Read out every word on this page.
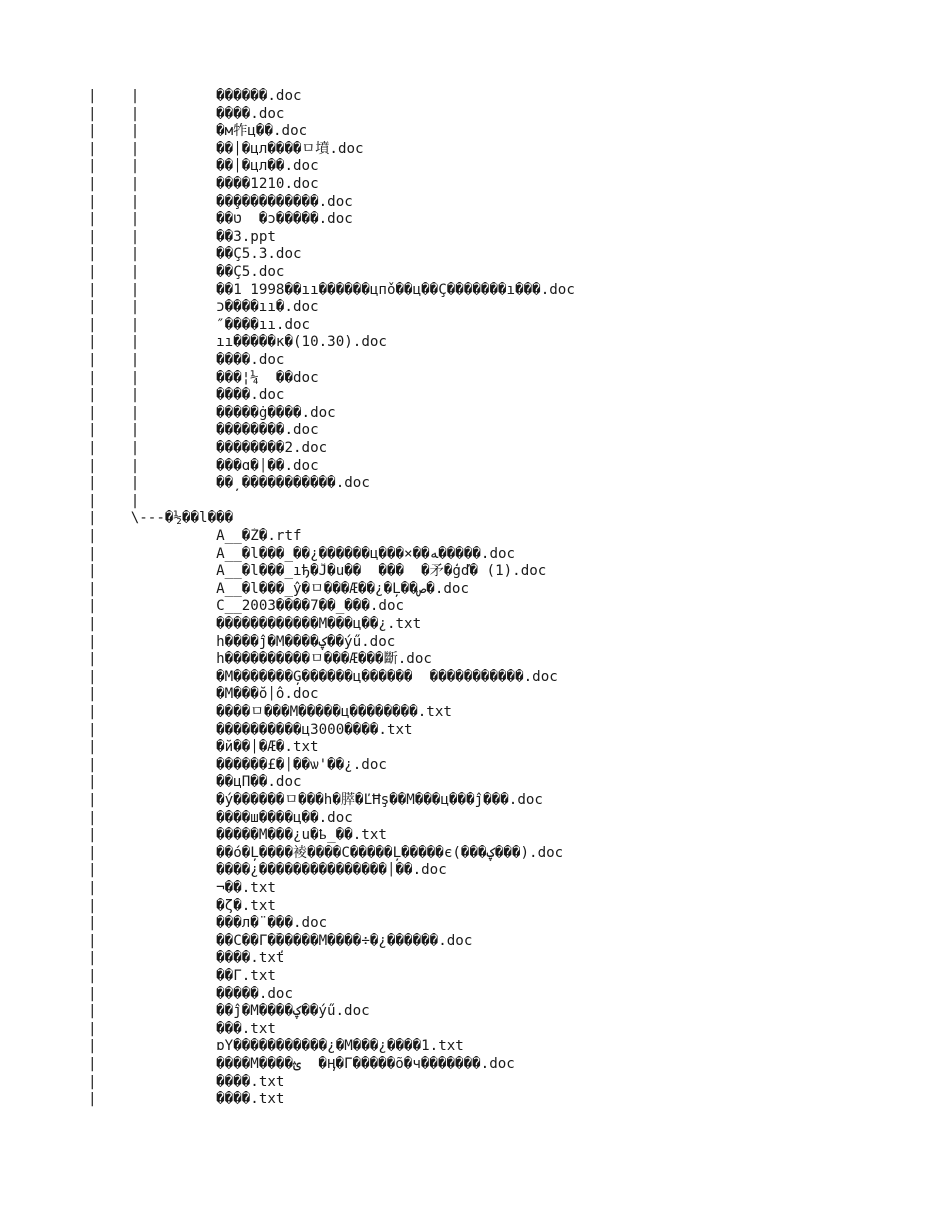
|    |         ������.doc
|    |         ����.doc
|    |         �м㸲ц��.doc
|    |         ��׀�цл����ㅁ墳.doc
|    |         ��׀�цл��.doc
|    |         ����1210.doc
|    |         ��̧����������.doc
|    |         ��ט  �ɔ�����.doc
|    |         ��3.ppt
|    |         ��Ç5.3.doc
|    |         ��Ç5.doc
|    |         ��1 1998��ıı������цпǒ��ц��Ç�������ı���.doc
|    |         ﬤ����ıı�.doc
|    |         ″����ıı.doc
|    |         ıı�����к�(10.30).doc
|    |         ����.doc
|    |         ���¦¼  ��doc
|    |         ����.doc
|    |         �����ġ����.doc
|    |         ��������.doc
|    |         ��������2.doc
|    |         ���ɑ�׀��.doc
|    |         ��̦ �����������.doc
|    |
|    \---�½��l���
|              A__�Ź�.rtf
|              A__�l���_��¿������ц���×��ﻪ�����.doc
|              A__�l���_ıђ�Ĵ�u��  ���  �矛�ģď� (1).doc
|              A__�l���_ŷ�ㅁ���Æ��¿�Ļ��ص�.doc
|              C__2003����7��_���.doc
|              ������������M���ц��¿.txt
|              h����ĵ�M����ؼ��ýű.doc
|              h����������ㅁ���Æ���斷.doc
|              �M�������Ģ������ц������  �����������.doc
|              �M���ŏ׀ô.doc
|              ����ㅁ���M����ؙ�ц��������.txt
|              ����������ц3000����.txt
|              �й��׀�Æ�.txt
|              ������£�׀��ѡ'��¿.doc
|              ��цП��.doc
|              �ý������ㅁ���h�膵�ĽĦş��M���ц���ĵ���.doc
|              ����ш����ц��.doc
|              �����M���¿u�ҍ_��.txt
|              ��ό�Ļ����裬����C�����Ļ�����є(���ؼ���).doc
|              ����¿���������������׀��.doc
|              ¬��.txt
|              �ζ�.txt
|              ���л�¨���.doc
|              ��C��Γ�ؔ�����M����÷�¿������.doc
|              ����.txť
|              ��Γ.txt
|              �����.doc
|              ��ĵ�M����ؼ��ýű.doc
|              ���.txt
|              ɒΥ�����������¿�M���¿����1.txt
|              ����M����ؿ  �Ӊ�Γ�����õ�ч�������.doc
|              ����.txt
|              ����.txt
